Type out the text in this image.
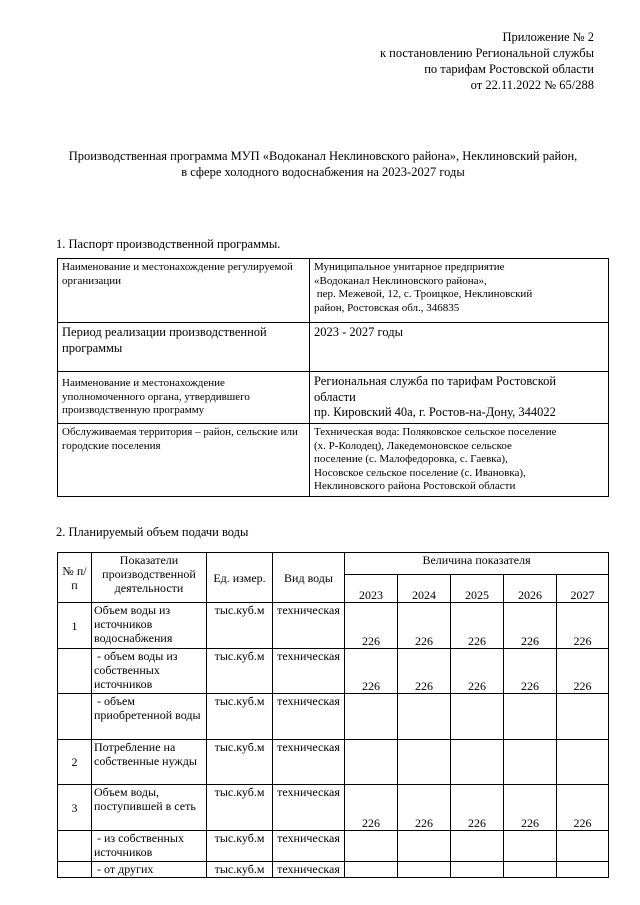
Приложение № 2
к постановлению Региональной службы
по тарифам Ростовской области
от 22.11.2022 № 65/288
Производственная программа МУП «Водоканал Неклиновского района», Неклиновский район,
в сфере холодного водоснабжения на 2023-2027 годы
1. Паспорт производственной программы.
Наименование и местонахождение регулируемой организации	Муниципальное унитарное предприятие
«Водоканал Неклиновского района»,
пер. Межевой, 12, с. Троицкое, Неклиновский
район, Ростовская обл., 346835

Период реализации производственной программы	2023 - 2027 годы

Наименование и местонахождение уполномоченного органа, утвердившего производственную программу	Региональная служба по тарифам Ростовской
области
пр. Кировский 40а, г. Ростов-на-Дону, 344022

Обслуживаемая территория – район, сельские или городские поселения	Техническая вода: Поляковское сельское поселение
(х. Р-Колодец), Лакедемоновское сельское
поселение (с. Малофедоровка, с. Гаевка),
Носовское сельское поселение (с. Ивановка),
Неклиновского района Ростовской области
2. Планируемый объем подачи воды
№ п/п	Показатели производственной деятельности	Ед. измер.	Вид воды	Величина показателя				
				2023	2024	2025	2026	2027
1	Объем воды из источников водоснабжения	тыс.куб.м	техническая	226	226	226	226	226
	- объем воды из собственных источников	тыс.куб.м	техническая	226	226	226	226	226
	- объем приобретенной воды	тыс.куб.м	техническая					
2	Потребление на собственные нужды	тыс.куб.м	техническая					
3	Объем воды, поступившей в сеть	тыс.куб.м	техническая	226	226	226	226	226
	- из собственных источников	тыс.куб.м	техническая					
	- от других	тыс.куб.м	техническая					
